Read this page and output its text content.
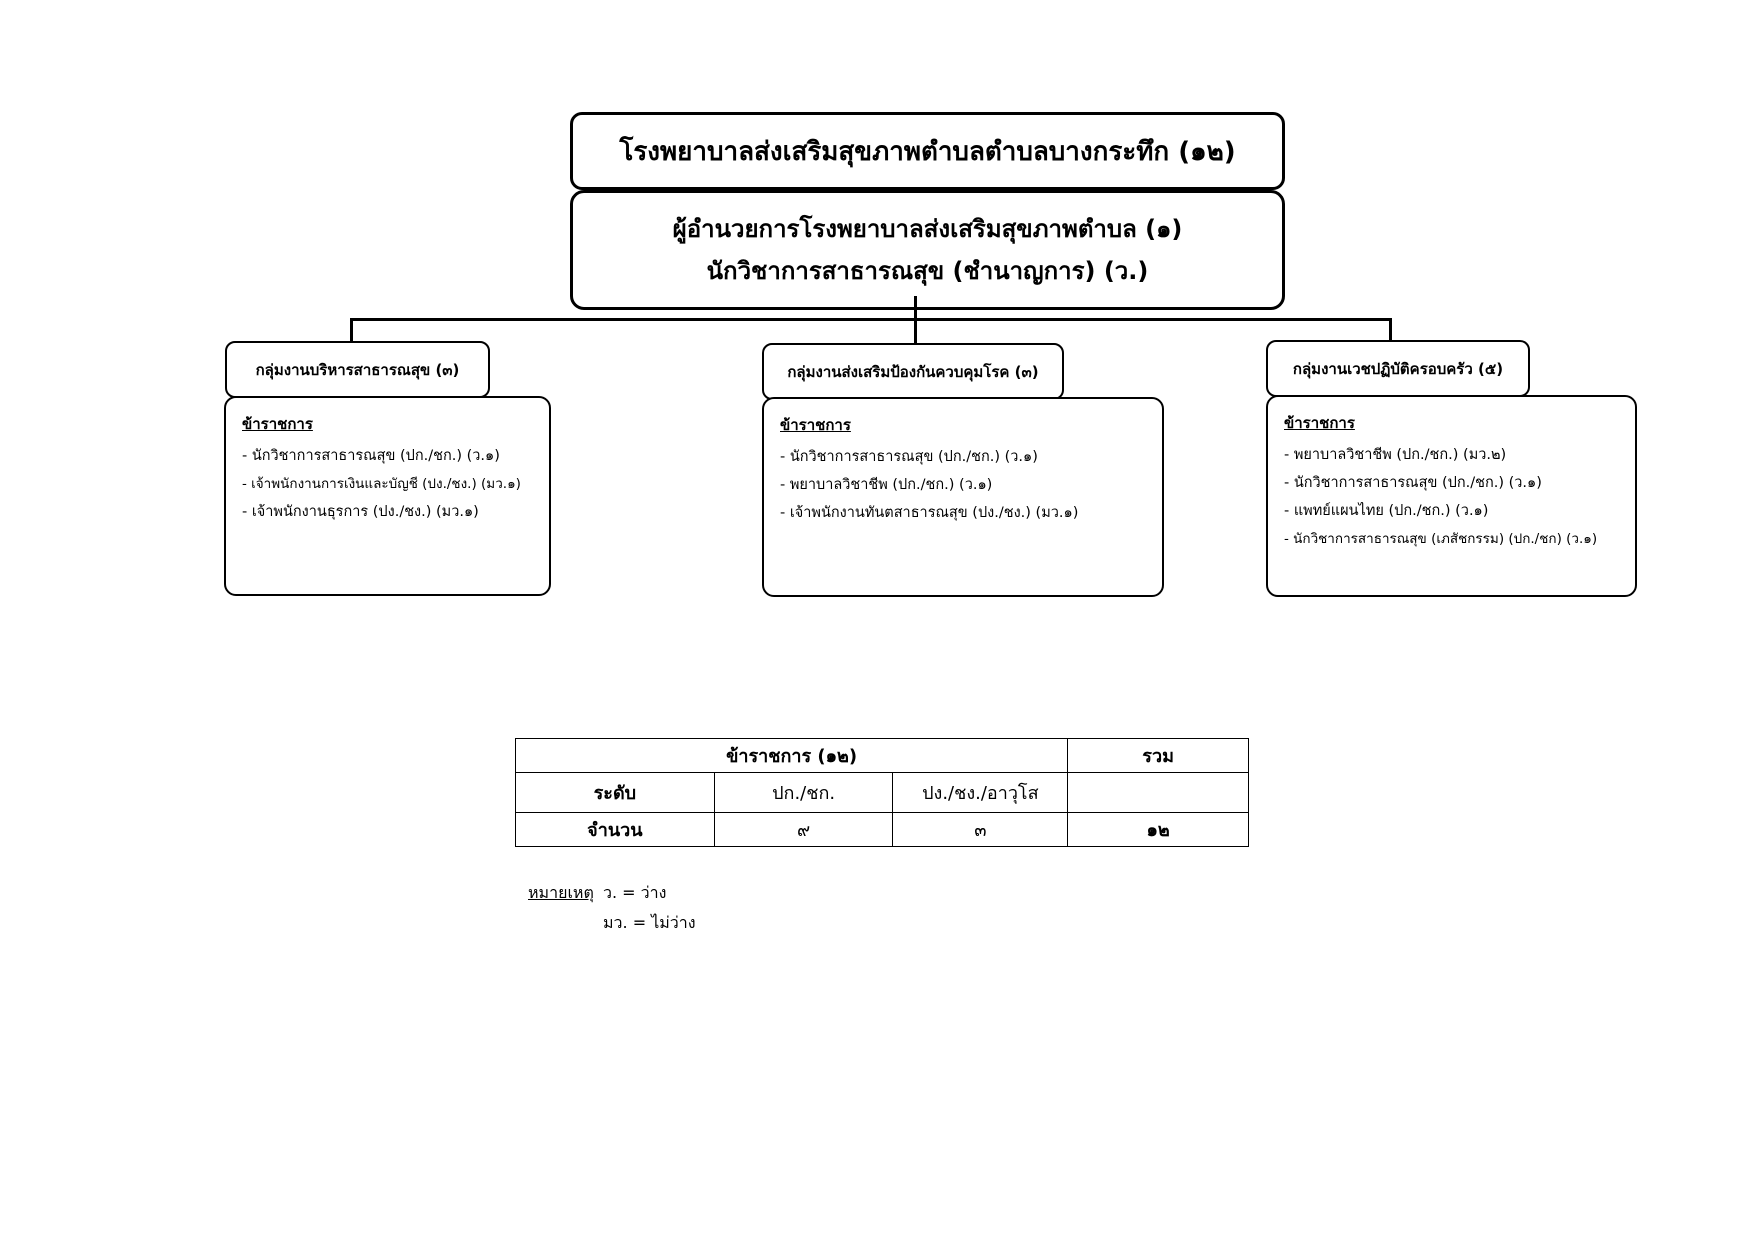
โรงพยาบาลส่งเสริมสุขภาพตำบลตำบลบางกระทึก (๑๒)
ผู้อำนวยการโรงพยาบาลส่งเสริมสุขภาพตำบล (๑)
นักวิชาการสาธารณสุข (ชำนาญการ) (ว.)
กลุ่มงานบริหารสาธารณสุข (๓)
ข้าราชการ
- นักวิชาการสาธารณสุข (ปก./ชก.) (ว.๑)
- เจ้าพนักงานการเงินและบัญชี (ปง./ชง.) (มว.๑)
- เจ้าพนักงานธุรการ (ปง./ชง.) (มว.๑)
กลุ่มงานส่งเสริมป้องกันควบคุมโรค (๓)
ข้าราชการ
- นักวิชาการสาธารณสุข (ปก./ชก.) (ว.๑)
- พยาบาลวิชาชีพ (ปก./ชก.) (ว.๑)
- เจ้าพนักงานทันตสาธารณสุข (ปง./ชง.) (มว.๑)
กลุ่มงานเวชปฏิบัติครอบครัว (๕)
ข้าราชการ
- พยาบาลวิชาชีพ (ปก./ชก.) (มว.๒)
- นักวิชาการสาธารณสุข (ปก./ชก.) (ว.๑)
- แพทย์แผนไทย (ปก./ชก.) (ว.๑)
- นักวิชาการสาธารณสุข (เภสัชกรรม) (ปก./ชก) (ว.๑)
ข้าราชการ (๑๒)			รวม
ระดับ	ปก./ชก.	ปง./ชง./อาวุโส	
จำนวน	๙	๓	๑๒
หมายเหตุ ว. = ว่าง
มว. = ไม่ว่าง
